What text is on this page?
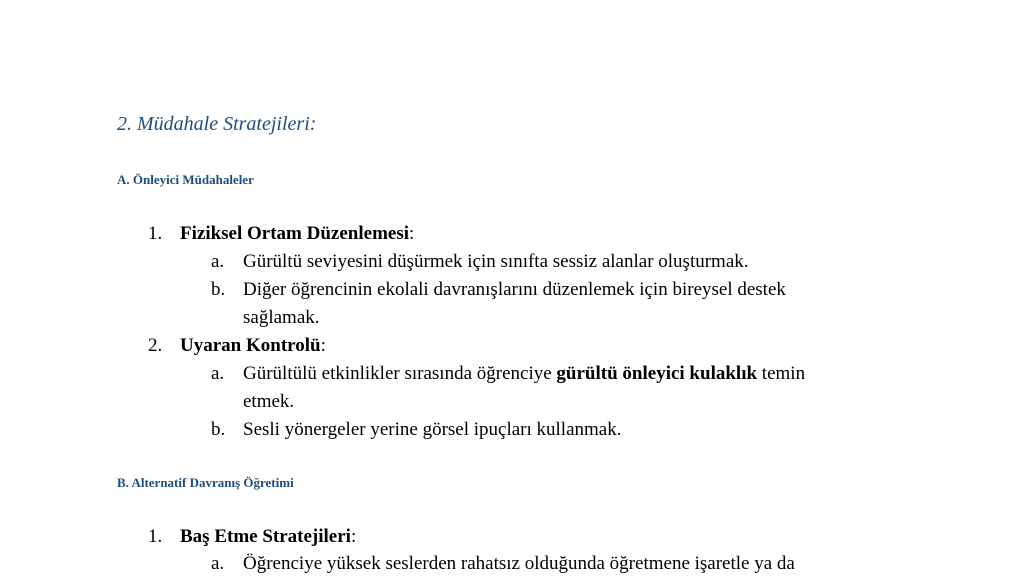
2. Müdahale Stratejileri:
A. Önleyici Müdahaleler
1. Fiziksel Ortam Düzenlemesi:
a. Gürültü seviyesini düşürmek için sınıfta sessiz alanlar oluşturmak.
b. Diğer öğrencinin ekolali davranışlarını düzenlemek için bireysel destek
sağlamak.
2. Uyaran Kontrolü:
a. Gürültülü etkinlikler sırasında öğrenciye gürültü önleyici kulaklık temin
etmek.
b. Sesli yönergeler yerine görsel ipuçları kullanmak.
B. Alternatif Davranış Öğretimi
1. Baş Etme Stratejileri:
a. Öğrenciye yüksek seslerden rahatsız olduğunda öğretmene işaretle ya da
